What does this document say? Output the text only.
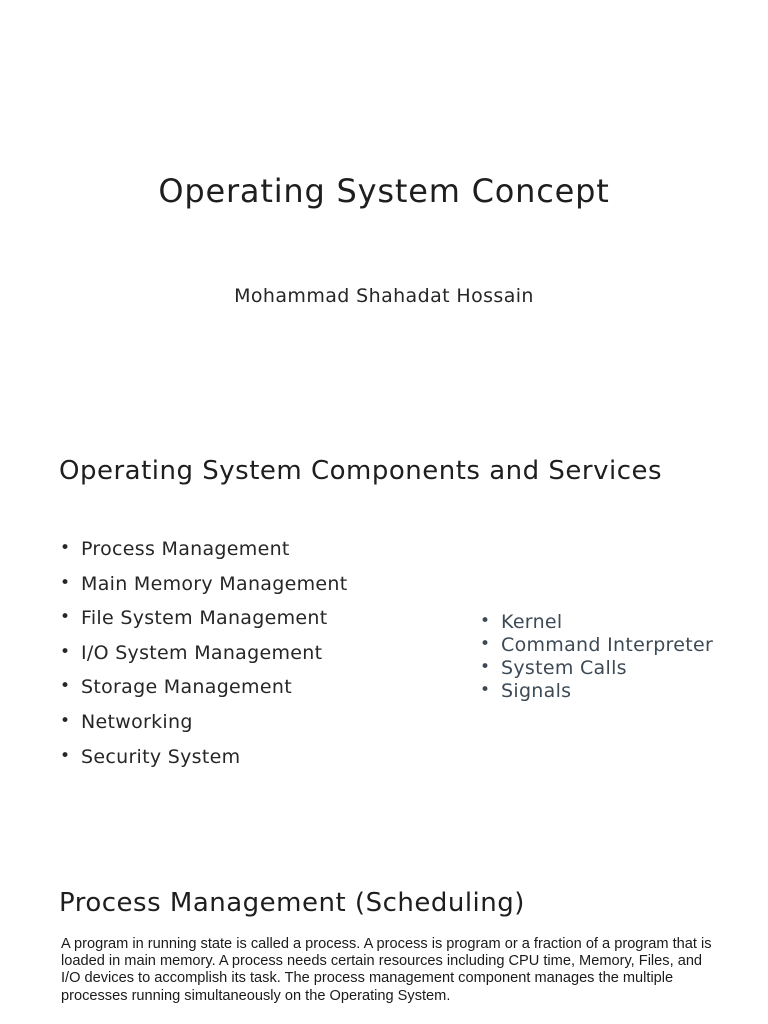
Operating System Concept

Mohammad Shahadat Hossain

Operating System Components and Services
• Process Management
• Main Memory Management
• File System Management
• I/O System Management
• Storage Management
• Networking
• Security System
• Kernel
• Command Interpreter
• System Calls
• Signals
Process Management (Scheduling)

A program in running state is called a process. A process is program or a fraction of a program that is loaded in main memory. A process needs certain resources including CPU time, Memory, Files, and I/O devices to accomplish its task. The process management component manages the multiple processes running simultaneously on the Operating System.
